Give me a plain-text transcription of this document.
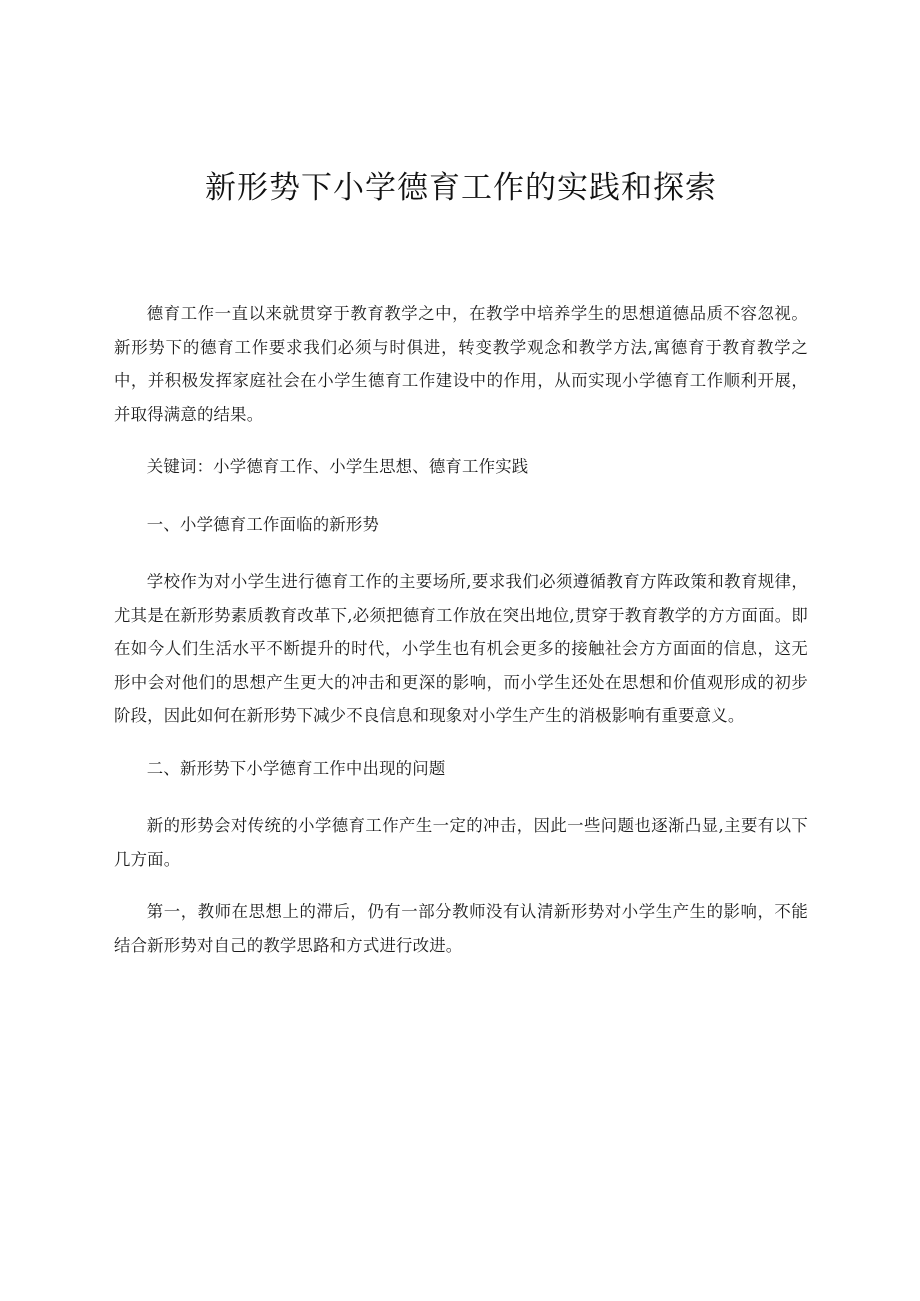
新形势下小学德育工作的实践和探索

德育工作一直以来就贯穿于教育教学之中，在教学中培养学生的思想道德品质不容忽视。新形势下的德育工作要求我们必须与时俱进，转变教学观念和教学方法,寓德育于教育教学之中，并积极发挥家庭社会在小学生德育工作建设中的作用，从而实现小学德育工作顺利开展，并取得满意的结果。

关键词：小学德育工作、小学生思想、德育工作实践

一、小学德育工作面临的新形势

学校作为对小学生进行德育工作的主要场所,要求我们必须遵循教育方阵政策和教育规律，尤其是在新形势素质教育改革下,必须把德育工作放在突出地位,贯穿于教育教学的方方面面。即在如今人们生活水平不断提升的时代，小学生也有机会更多的接触社会方方面面的信息，这无形中会对他们的思想产生更大的冲击和更深的影响，而小学生还处在思想和价值观形成的初步阶段，因此如何在新形势下减少不良信息和现象对小学生产生的消极影响有重要意义。

二、新形势下小学德育工作中出现的问题

新的形势会对传统的小学德育工作产生一定的冲击，因此一些问题也逐渐凸显,主要有以下几方面。

第一，教师在思想上的滞后，仍有一部分教师没有认清新形势对小学生产生的影响，不能结合新形势对自己的教学思路和方式进行改进。
